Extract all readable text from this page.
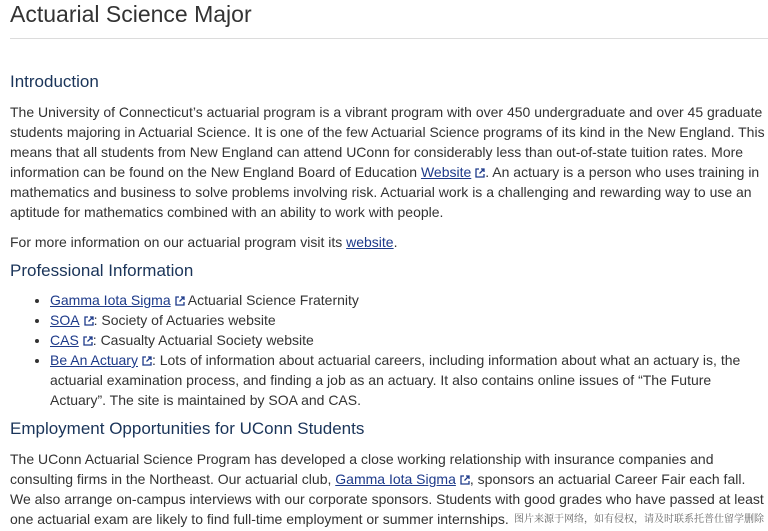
Actuarial Science Major
Introduction

The University of Connecticut’s actuarial program is a vibrant program with over 450 undergraduate and over 45 graduate students majoring in Actuarial Science. It is one of the few Actuarial Science programs of its kind in the New England. This means that all students from New England can attend UConn for considerably less than out-of-state tuition rates. More information can be found on the New England Board of Education Website . An actuary is a person who uses training in mathematics and business to solve problems involving risk. Actuarial work is a challenging and rewarding way to use an aptitude for mathematics combined with an ability to work with people.

For more information on our actuarial program visit its website.

Professional Information
• Gamma Iota Sigma Actuarial Science Fraternity
• SOA : Society of Actuaries website
• CAS : Casualty Actuarial Society website
• Be An Actuary : Lots of information about actuarial careers, including information about what an actuary is, the actuarial examination process, and finding a job as an actuary. It also contains online issues of “The Future Actuary”. The site is maintained by SOA and CAS.
Employment Opportunities for UConn Students

The UConn Actuarial Science Program has developed a close working relationship with insurance companies and consulting firms in the Northeast. Our actuarial club, Gamma Iota Sigma , sponsors an actuarial Career Fair each fall. We also arrange on-campus interviews with our corporate sponsors. Students with good grades who have passed at least one actuarial exam are likely to find full-time employment or summer internships. 图片来源于网络，如有侵权，请及时联系托普仕留学删除
